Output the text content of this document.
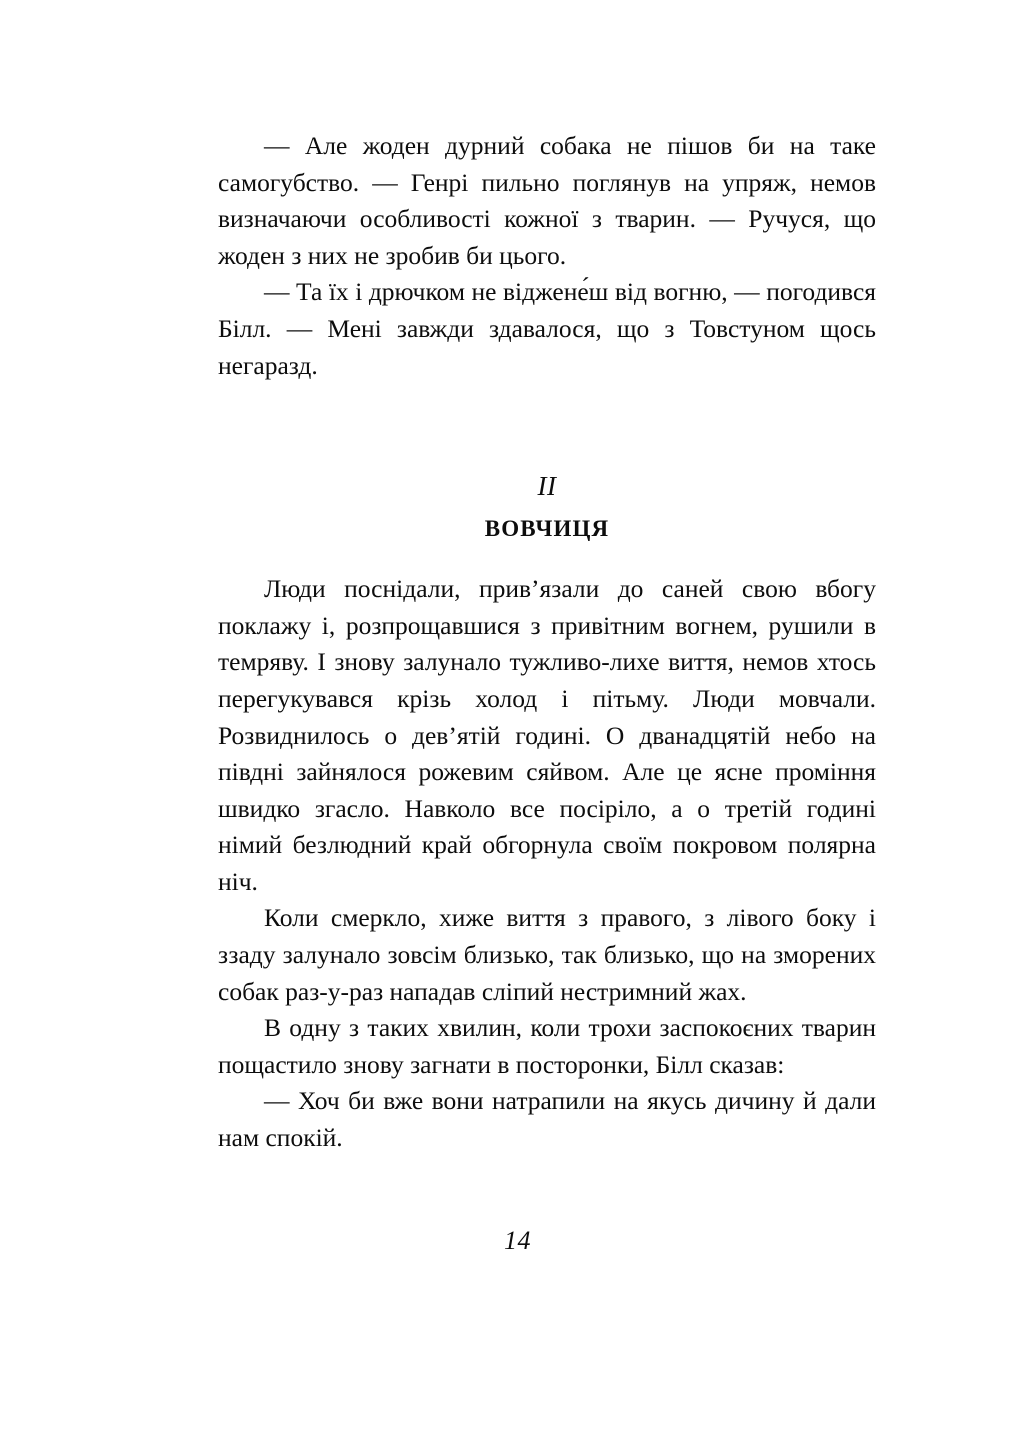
— Але жоден дурний собака не пішов би на таке самогубство. — Генрі пильно поглянув на упряж, немов визначаючи особливості кожної з тварин. — Ручуся, що жоден з них не зробив би цього.

— Та їх і дрючком не віджене́ш від вогню, — погодився Білл. — Мені завжди здавалося, що з Товстуном щось негаразд.

II
ВОВЧИЦЯ

Люди поснідали, прив’язали до саней свою вбогу поклажу і, розпрощавшися з привітним вогнем, рушили в темряву. І знову залунало тужливо-лихе виття, немов хтось перегукувався крізь холод і пітьму. Люди мовчали. Розвиднилось о дев’ятій годині. О дванадцятій небо на півдні зайнялося рожевим сяйвом. Але це ясне проміння швидко згасло. Навколо все посіріло, а о третій годині німий безлюдний край обгорнула своїм покровом полярна ніч.

Коли смеркло, хиже виття з правого, з лівого боку і ззаду залунало зовсім близько, так близько, що на зморених собак раз-у-раз нападав сліпий нестримний жах.

В одну з таких хвилин, коли трохи заспокоєних тварин пощастило знову загнати в посторонки, Білл сказав:

— Хоч би вже вони натрапили на якусь дичину й дали нам спокій.

14
